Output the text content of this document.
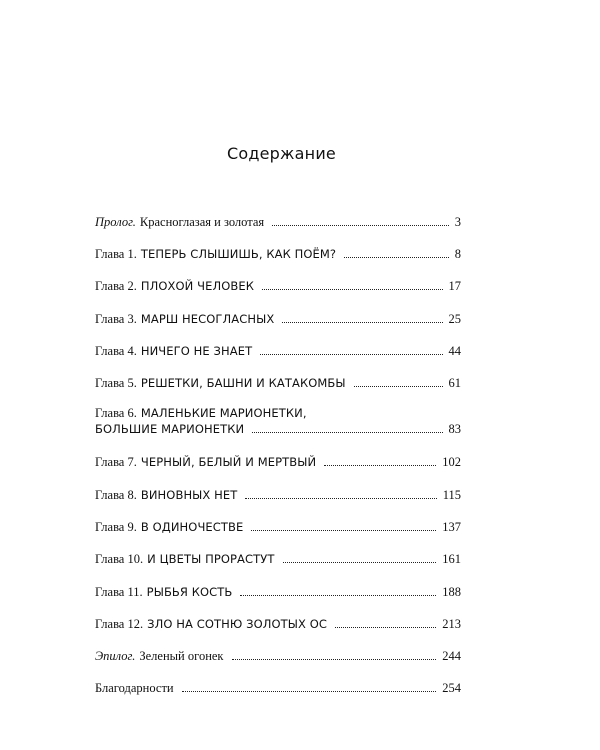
Содержание
Пролог. Красноглазая и золотая	3
Глава 1. ТЕПЕРЬ СЛЫШИШЬ, КАК ПОЁМ?	8
Глава 2. ПЛОХОЙ ЧЕЛОВЕК	17
Глава 3. МАРШ НЕСОГЛАСНЫХ	25
Глава 4. НИЧЕГО НЕ ЗНАЕТ	44
Глава 5. РЕШЕТКИ, БАШНИ И КАТАКОМБЫ	61
Глава 6. МАЛЕНЬКИЕ МАРИОНЕТКИ,
БОЛЬШИЕ МАРИОНЕТКИ	83
Глава 7. ЧЕРНЫЙ, БЕЛЫЙ И МЕРТВЫЙ	102
Глава 8. ВИНОВНЫХ НЕТ	115
Глава 9. В ОДИНОЧЕСТВЕ	137
Глава 10. И ЦВЕТЫ ПРОРАСТУТ	161
Глава 11. РЫБЬЯ КОСТЬ	188
Глава 12. ЗЛО НА СОТНЮ ЗОЛОТЫХ ОС	213
Эпилог. Зеленый огонек	244
Благодарности	254
